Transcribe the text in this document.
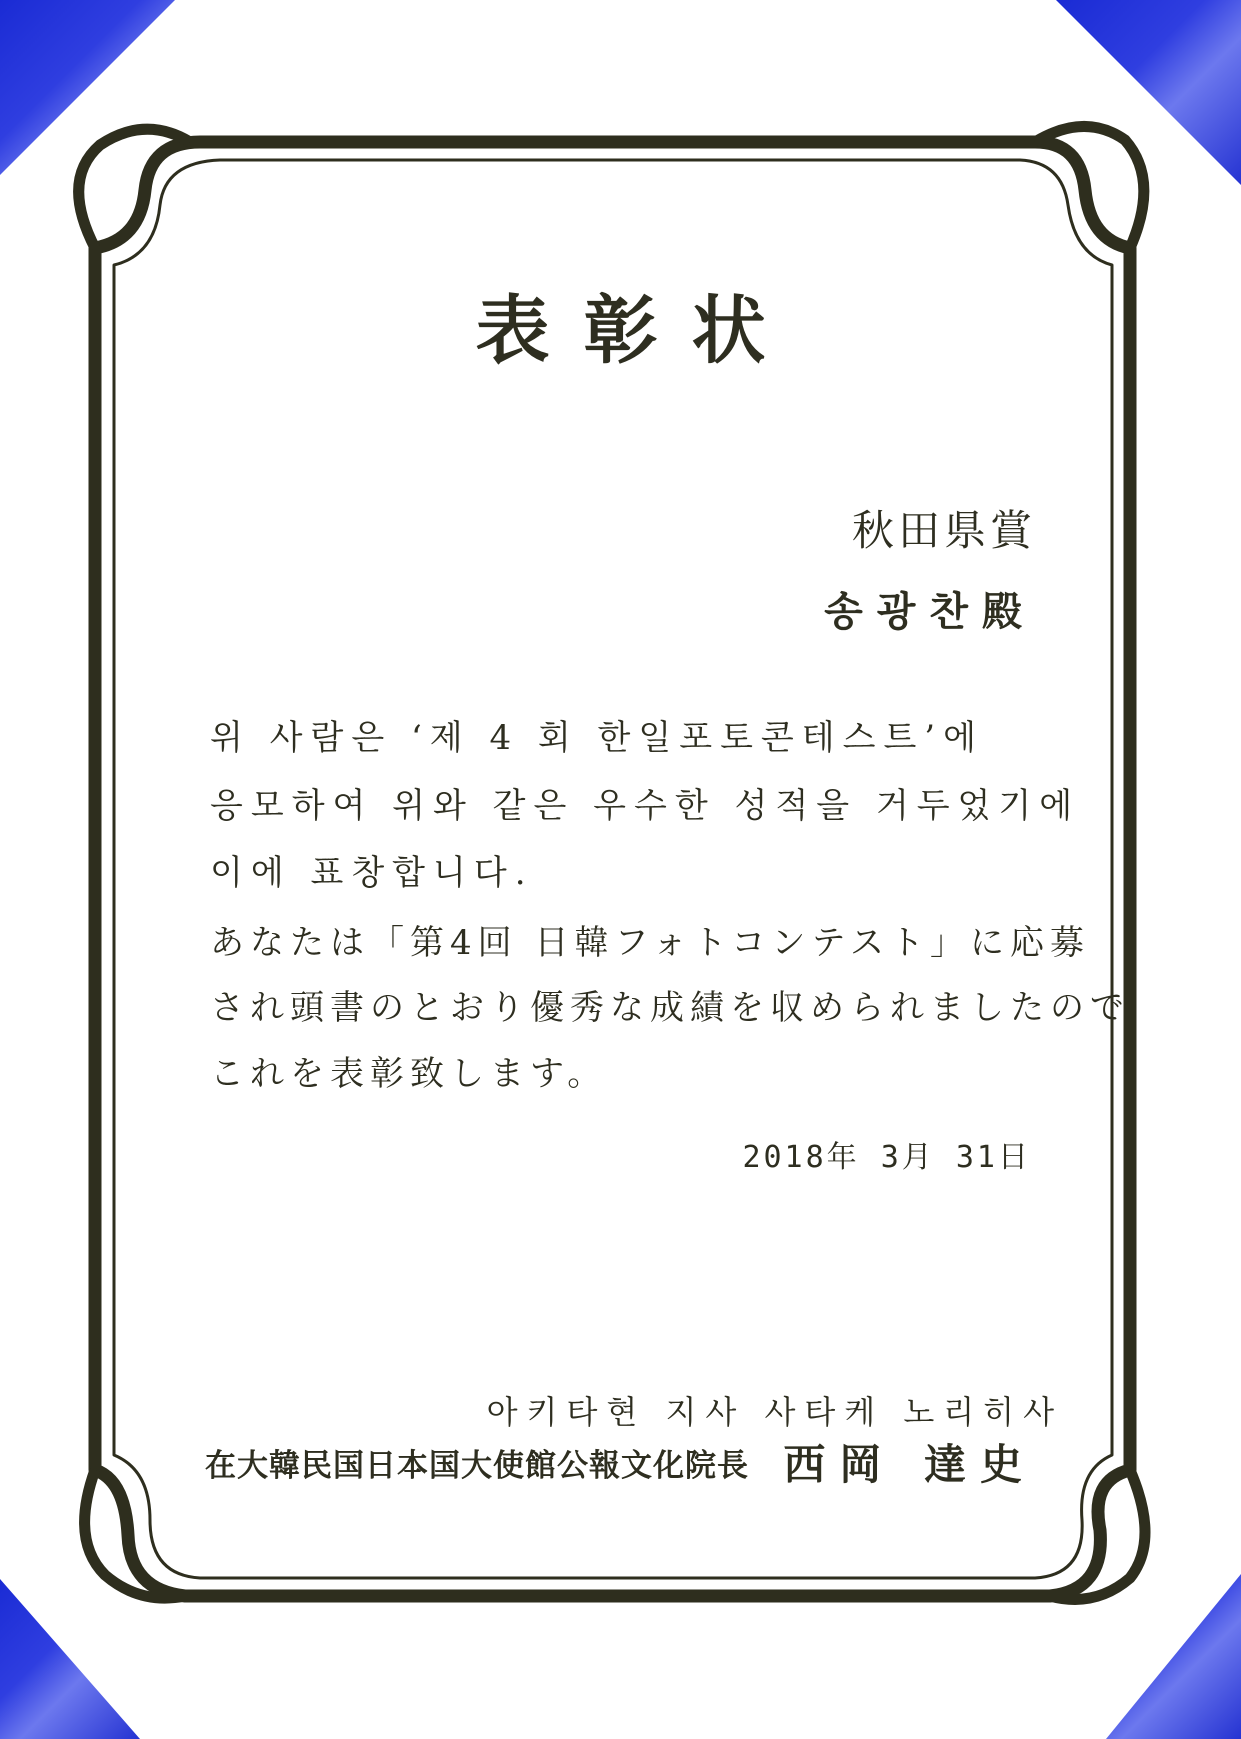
表彰状
秋田県賞
송광찬殿
위 사람은 ‘제 4 회 한일포토콘테스트’에
응모하여 위와 같은 우수한 성적을 거두었기에
이에 표창합니다.
あなたは「第4回 日韓フォトコンテスト」に応募
され頭書のとおり優秀な成績を収められましたので
これを表彰致します。
2018年 3月 31日
아키타현 지사 사타케 노리히사
在大韓民国日本国大使館公報文化院長 西岡 達史
